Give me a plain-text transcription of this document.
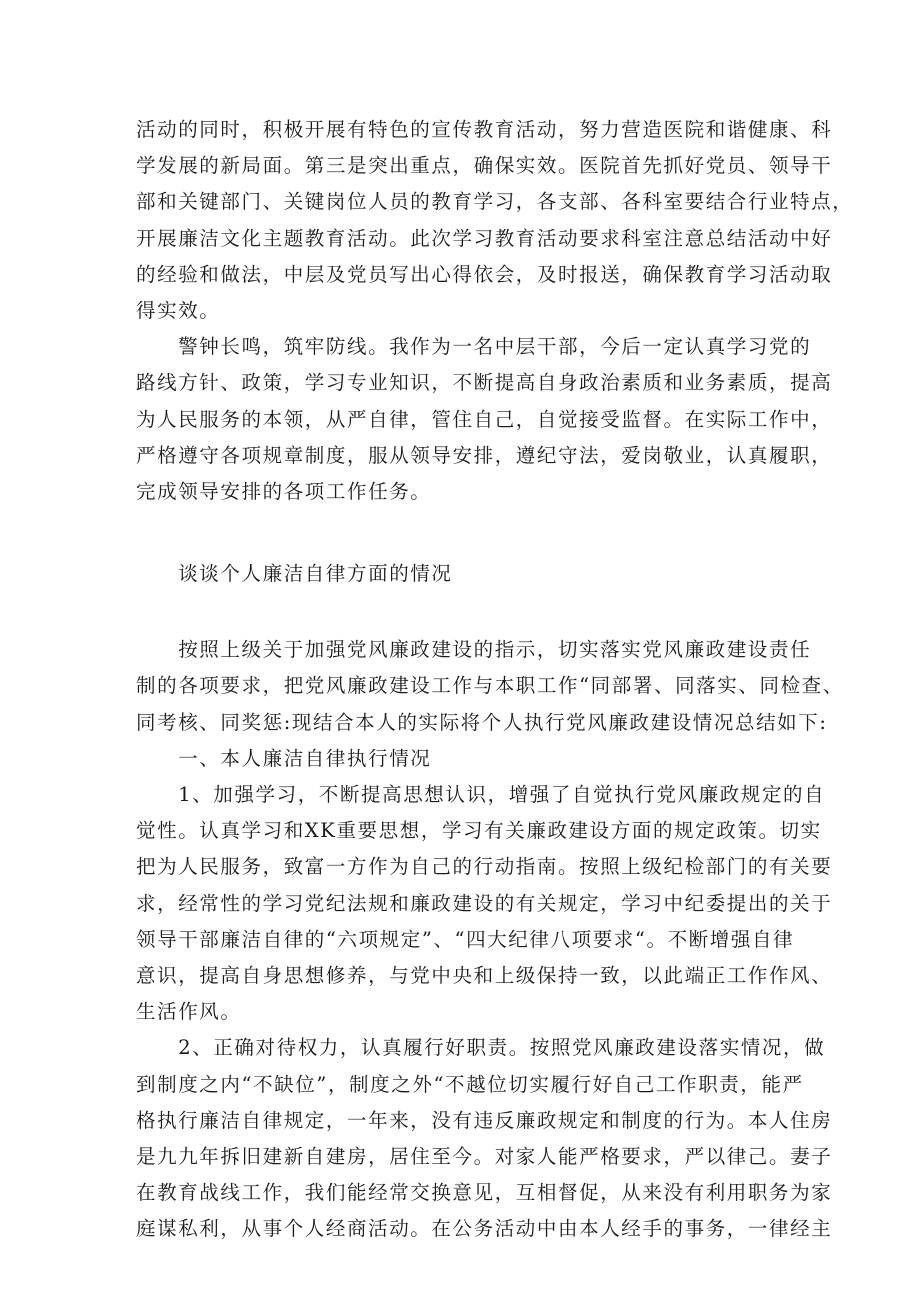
活动的同时，积极开展有特色的宣传教育活动，努力营造医院和谐健康、科
学发展的新局面。第三是突出重点，确保实效。医院首先抓好党员、领导干
部和关键部门、关键岗位人员的教育学习，各支部、各科室要结合行业特点，
开展廉洁文化主题教育活动。此次学习教育活动要求科室注意总结活动中好
的经验和做法，中层及党员写出心得依会，及时报送，确保教育学习活动取
得实效。
　　警钟长鸣，筑牢防线。我作为一名中层干部，今后一定认真学习党的
路线方针、政策，学习专业知识，不断提高自身政治素质和业务素质，提高
为人民服务的本领，从严自律，管住自己，自觉接受监督。在实际工作中，
严格遵守各项规章制度，服从领导安排，遵纪守法，爱岗敬业，认真履职，
完成领导安排的各项工作任务。
　　谈谈个人廉洁自律方面的情况
　　按照上级关于加强党风廉政建设的指示，切实落实党风廉政建设责任
制的各项要求，把党风廉政建设工作与本职工作“同部署、同落实、同检查、
同考核、同奖惩:现结合本人的实际将个人执行党风廉政建设情况总结如下:
　　一、本人廉洁自律执行情况
　　1、加强学习，不断提高思想认识，增强了自觉执行党风廉政规定的自
觉性。认真学习和XK重要思想，学习有关廉政建设方面的规定政策。切实
把为人民服务，致富一方作为自己的行动指南。按照上级纪检部门的有关要
求，经常性的学习党纪法规和廉政建设的有关规定，学习中纪委提出的关于
领导干部廉洁自律的“六项规定”、“四大纪律八项要求“。不断增强自律
意识，提高自身思想修养，与党中央和上级保持一致，以此端正工作作风、
生活作风。
　　2、正确对待权力，认真履行好职责。按照党风廉政建设落实情况，做
到制度之内“不缺位”，制度之外“不越位切实履行好自己工作职责，能严
格执行廉洁自律规定，一年来，没有违反廉政规定和制度的行为。本人住房
是九九年拆旧建新自建房，居住至今。对家人能严格要求，严以律己。妻子
在教育战线工作，我们能经常交换意见，互相督促，从来没有利用职务为家
庭谋私利，从事个人经商活动。在公务活动中由本人经手的事务，一律经主
